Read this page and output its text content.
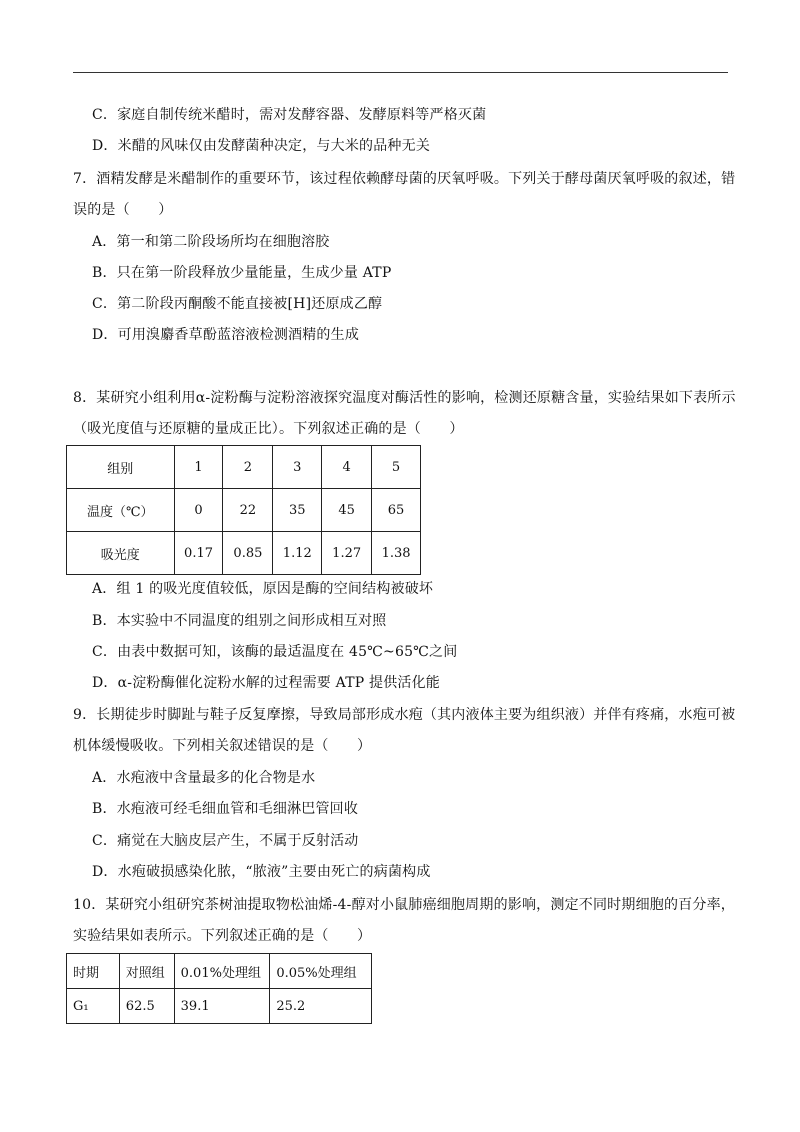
C．家庭自制传统米醋时，需对发酵容器、发酵原料等严格灭菌
D．米醋的风味仅由发酵菌种决定，与大米的品种无关
7．酒精发酵是米醋制作的重要环节，该过程依赖酵母菌的厌氧呼吸。下列关于酵母菌厌氧呼吸的叙述，错
误的是（　　）
A．第一和第二阶段场所均在细胞溶胶
B．只在第一阶段释放少量能量，生成少量 ATP
C．第二阶段丙酮酸不能直接被[H]还原成乙醇
D．可用溴麝香草酚蓝溶液检测酒精的生成
8．某研究小组利用α-淀粉酶与淀粉溶液探究温度对酶活性的影响，检测还原糖含量，实验结果如下表所示
（吸光度值与还原糖的量成正比）。下列叙述正确的是（　　）
组别	1	2	3	4	5
温度（℃）	0	22	35	45	65
吸光度	0.17	0.85	1.12	1.27	1.38
A．组 1 的吸光度值较低，原因是酶的空间结构被破坏
B．本实验中不同温度的组别之间形成相互对照
C．由表中数据可知，该酶的最适温度在 45℃~65℃之间
D．α-淀粉酶催化淀粉水解的过程需要 ATP 提供活化能
9．长期徒步时脚趾与鞋子反复摩擦，导致局部形成水疱（其内液体主要为组织液）并伴有疼痛，水疱可被
机体缓慢吸收。下列相关叙述错误的是（　　）
A．水疱液中含量最多的化合物是水
B．水疱液可经毛细血管和毛细淋巴管回收
C．痛觉在大脑皮层产生，不属于反射活动
D．水疱破损感染化脓，“脓液”主要由死亡的病菌构成
10．某研究小组研究茶树油提取物松油烯-4-醇对小鼠肺癌细胞周期的影响，测定不同时期细胞的百分率，
实验结果如表所示。下列叙述正确的是（　　）
时期	对照组	0.01%处理组	0.05%处理组
G₁	62.5	39.1	25.2
